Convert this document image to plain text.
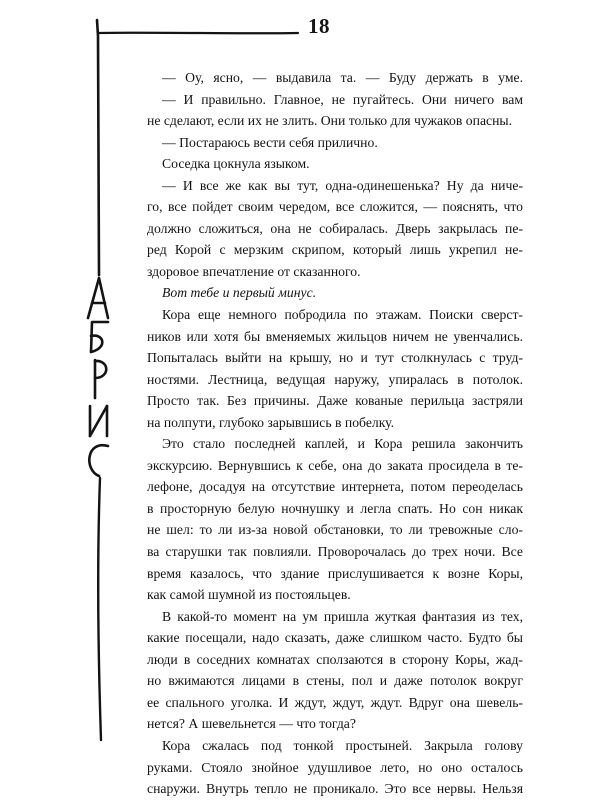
18
— Оу, ясно, — выдавила та. — Буду держать в уме.
— И правильно. Главное, не пугайтесь. Они ничего вам
не сделают, если их не злить. Они только для чужаков опасны.
— Постараюсь вести себя прилично.
Соседка цокнула языком.
— И все же как вы тут, одна-одинешенька? Ну да ниче-
го, все пойдет своим чередом, все сложится, — пояснять, что
должно сложиться, она не собиралась. Дверь закрылась пе-
ред Корой с мерзким скрипом, который лишь укрепил не-
здоровое впечатление от сказанного.
Вот тебе и первый минус.
Кора еще немного побродила по этажам. Поиски сверст-
ников или хотя бы вменяемых жильцов ничем не увенчались.
Попыталась выйти на крышу, но и тут столкнулась с труд-
ностями. Лестница, ведущая наружу, упиралась в потолок.
Просто так. Без причины. Даже кованые перильца застряли
на полпути, глубоко зарывшись в побелку.
Это стало последней каплей, и Кора решила закончить
экскурсию. Вернувшись к себе, она до заката просидела в те-
лефоне, досадуя на отсутствие интернета, потом переоделась
в просторную белую ночнушку и легла спать. Но сон никак
не шел: то ли из-за новой обстановки, то ли тревожные сло-
ва старушки так повлияли. Проворочалась до трех ночи. Все
время казалось, что здание прислушивается к возне Коры,
как самой шумной из постояльцев.
В какой-то момент на ум пришла жуткая фантазия из тех,
какие посещали, надо сказать, даже слишком часто. Будто бы
люди в соседних комнатах сползаются в сторону Коры, жад-
но вжимаются лицами в стены, пол и даже потолок вокруг
ее спального уголка. И ждут, ждут, ждут. Вдруг она шевель-
нется? А шевельнется — что тогда?
Кора сжалась под тонкой простыней. Закрыла голову
руками. Стояло знойное удушливое лето, но оно осталось
снаружи. Внутрь тепло не проникало. Это все нервы. Нельзя
